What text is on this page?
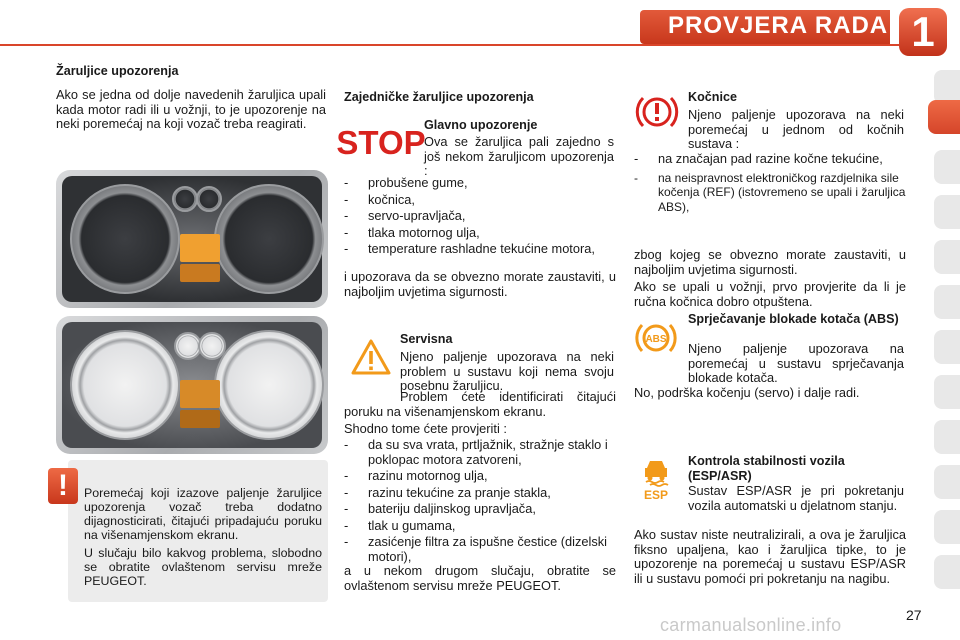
PROVJERA RADA 1
Žaruljice upozorenja
Ako se jedna od dolje navedenih žaruljica upali kada motor radi ili u vožnji, to je upozorenje na neki poremećaj na koji vozač treba reagirati.
!	Poremećaj koji izazove paljenje žaruljice upozorenja vozač treba dodatno dijagnosticirati, čitajući pripadajuću poruku na višenamjenskom ekranu.
U slučaju bilo kakvog problema, slobodno se obratite ovlaštenom servisu mreže PEUGEOT.
Zajedničke žaruljice upozorenja
STOP
Glavno upozorenje
Ova se žaruljica pali zajedno s još nekom žaruljicom upozorenja :
- probušene gume,
- kočnica,
- servo-upravljača,
- tlaka motornog ulja,
- temperature rashladne tekućine motora,
i upozorava da se obvezno morate zaustaviti, u najboljim uvjetima sigurnosti.
Servisna
Njeno paljenje upozorava na neki problem u sustavu koji nema svoju posebnu žaruljicu.
Problem ćete identificirati čitajući poruku na višenamjenskom ekranu.
Shodno tome ćete provjeriti :
- da su sva vrata, prtljažnik, stražnje staklo i poklopac motora zatvoreni,
- razinu motornog ulja,
- razinu tekućine za pranje stakla,
- bateriju daljinskog upravljača,
- tlak u gumama,
- zasićenje filtra za ispušne čestice (dizelski motori),
a u nekom drugom slučaju, obratite se ovlaštenom servisu mreže PEUGEOT.
Kočnice
Njeno paljenje upozorava na neki poremećaj u jednom od kočnih sustava :
- na značajan pad razine kočne tekućine,
- na neispravnost elektroničkog razdjelnika sile kočenja (REF) (istovremeno se upali i žaruljica ABS),
zbog kojeg se obvezno morate zaustaviti, u najboljim uvjetima sigurnosti.
Ako se upali u vožnji, prvo provjerite da li je ručna kočnica dobro otpuštena.
ABS
Sprječavanje blokade kotača (ABS)
Njeno paljenje upozorava na poremećaj u sustavu sprječavanja blokade kotača.
No, podrška kočenju (servo) i dalje radi.
ESP
Kontrola stabilnosti vozila (ESP/ASR)
Sustav ESP/ASR je pri pokretanju vozila automatski u djelatnom stanju.
Ako sustav niste neutralizirali, a ova je žaruljica fiksno upaljena, kao i žaruljica tipke, to je upozorenje na poremećaj u sustavu ESP/ASR ili u sustavu pomoći pri pokretanju na nagibu.
27
carmanualsonline.info
